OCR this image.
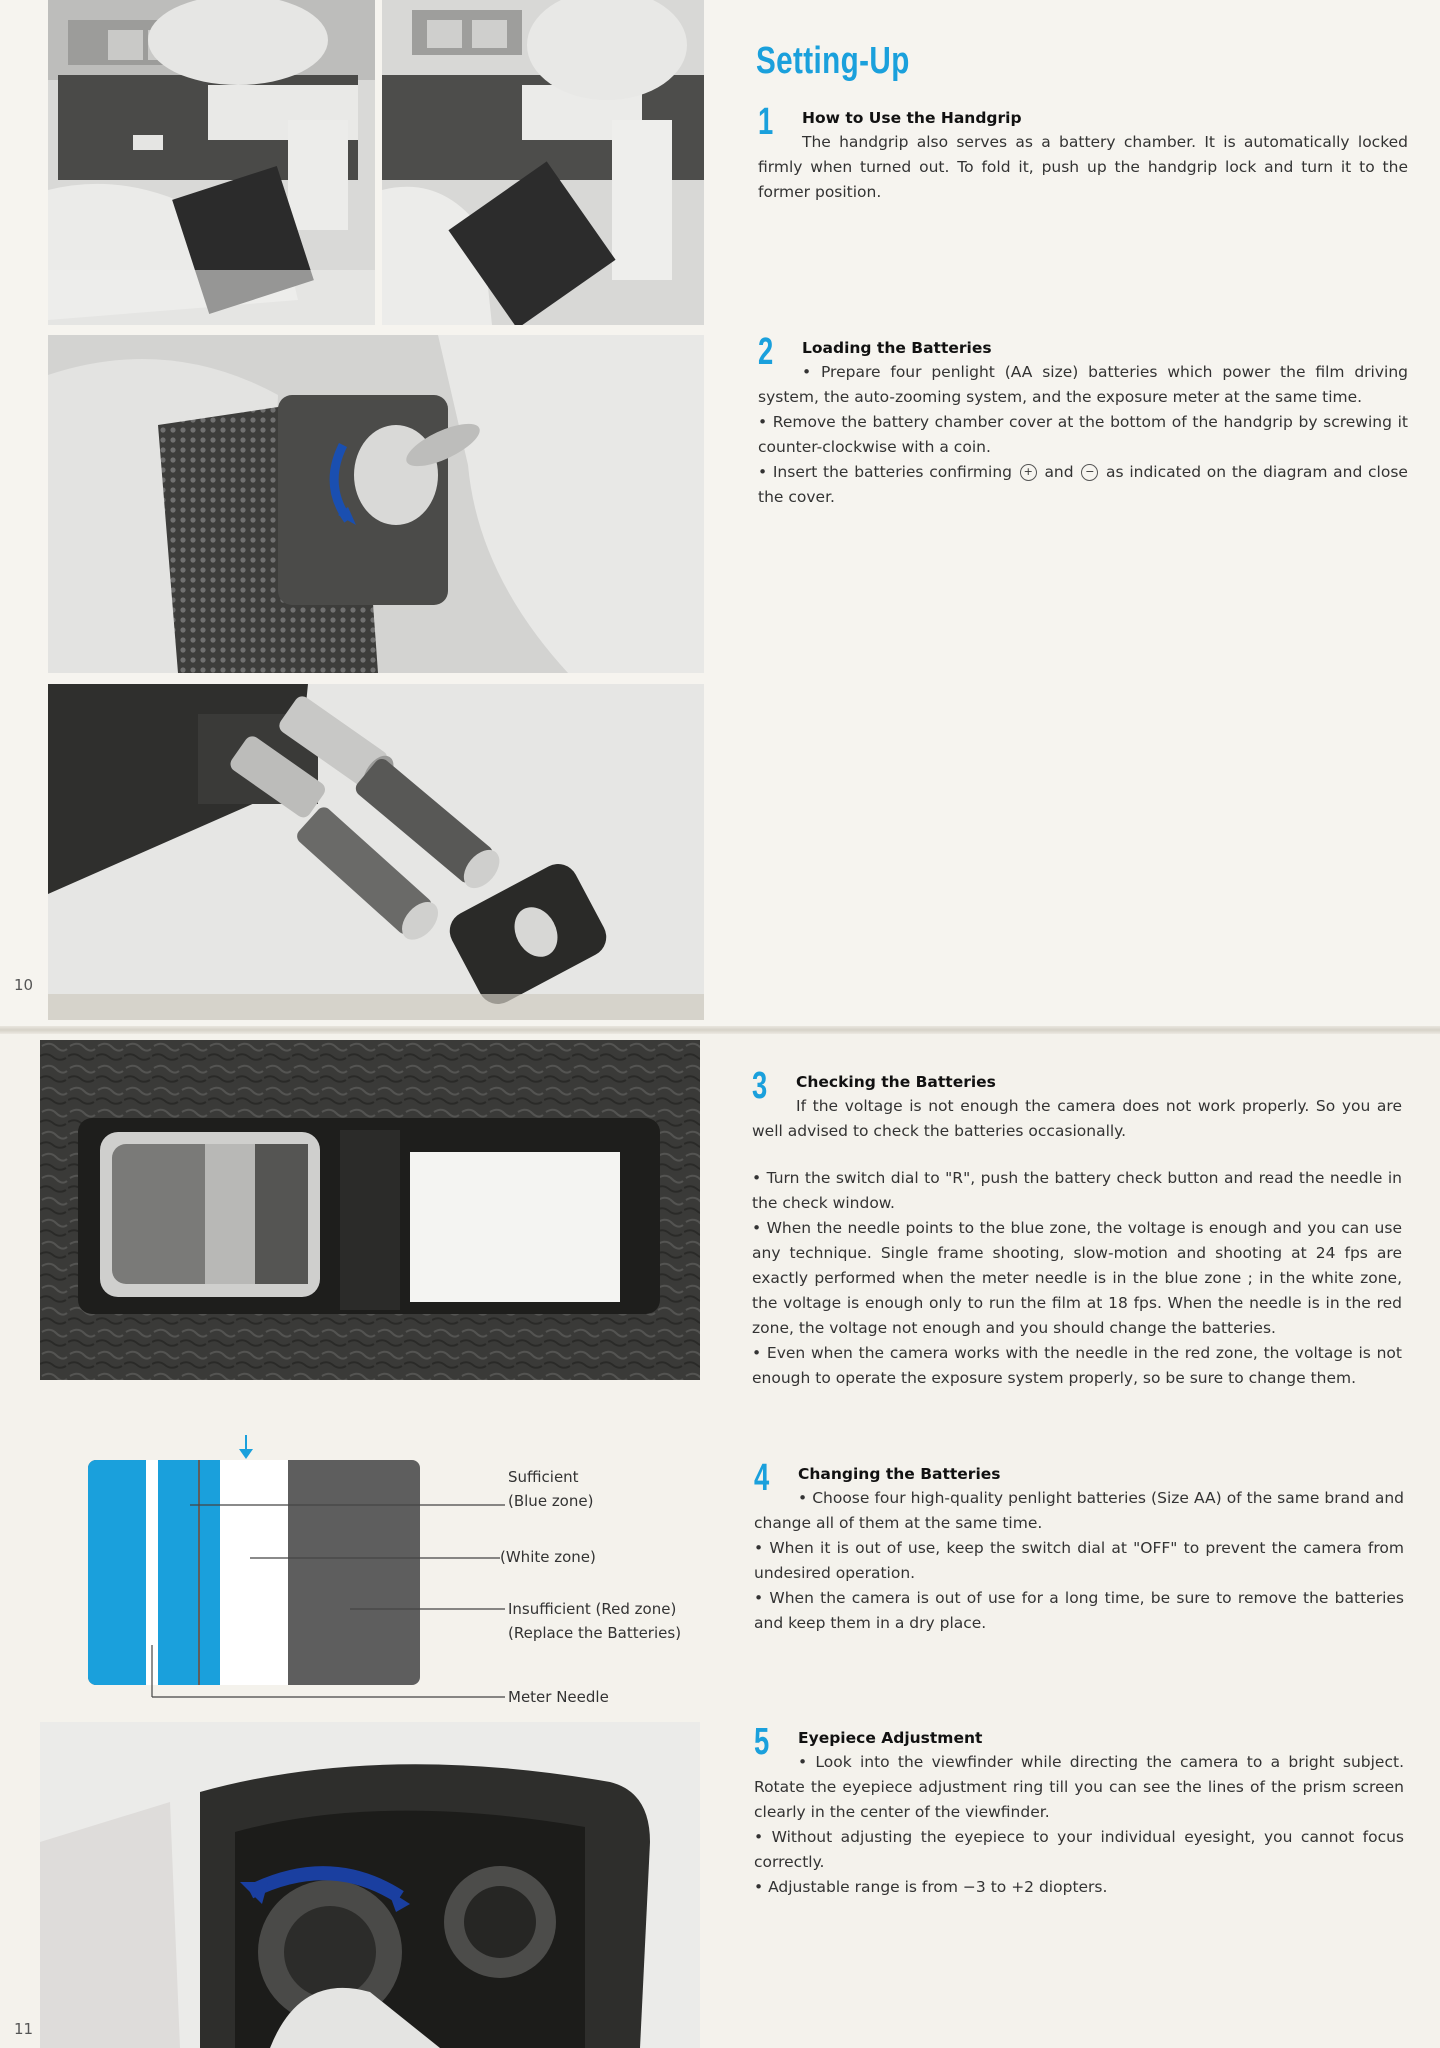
10
11
Sufficient
(Blue zone)
(White zone)
Insufficient (Red zone)
(Replace the Batteries)
Meter Needle
Setting-Up
1 How to Use the Handgrip

The handgrip also serves as a battery chamber. It is automatically locked firmly when turned out. To fold it, push up the handgrip lock and turn it to the former position.

2 Loading the Batteries

• Prepare four penlight (AA size) batteries which power the film driving system, the auto-zooming system, and the exposure meter at the same time.

• Remove the battery chamber cover at the bottom of the handgrip by screwing it counter-clockwise with a coin.

• Insert the batteries confirming + and − as indicated on the diagram and close the cover.

3 Checking the Batteries

If the voltage is not enough the camera does not work properly. So you are well advised to check the batteries occasionally.

• Turn the switch dial to "R", push the battery check button and read the needle in the check window.

• When the needle points to the blue zone, the voltage is enough and you can use any technique. Single frame shooting, slow-motion and shooting at 24 fps are exactly performed when the meter needle is in the blue zone ; in the white zone, the voltage is enough only to run the film at 18 fps. When the needle is in the red zone, the voltage not enough and you should change the batteries.

• Even when the camera works with the needle in the red zone, the voltage is not enough to operate the exposure system properly, so be sure to change them.

4 Changing the Batteries

• Choose four high-quality penlight batteries (Size AA) of the same brand and change all of them at the same time.

• When it is out of use, keep the switch dial at "OFF" to prevent the camera from undesired operation.

• When the camera is out of use for a long time, be sure to remove the batteries and keep them in a dry place.

5 Eyepiece Adjustment

• Look into the viewfinder while directing the camera to a bright subject. Rotate the eyepiece adjustment ring till you can see the lines of the prism screen clearly in the center of the viewfinder.

• Without adjusting the eyepiece to your individual eyesight, you cannot focus correctly.

• Adjustable range is from −3 to +2 diopters.
